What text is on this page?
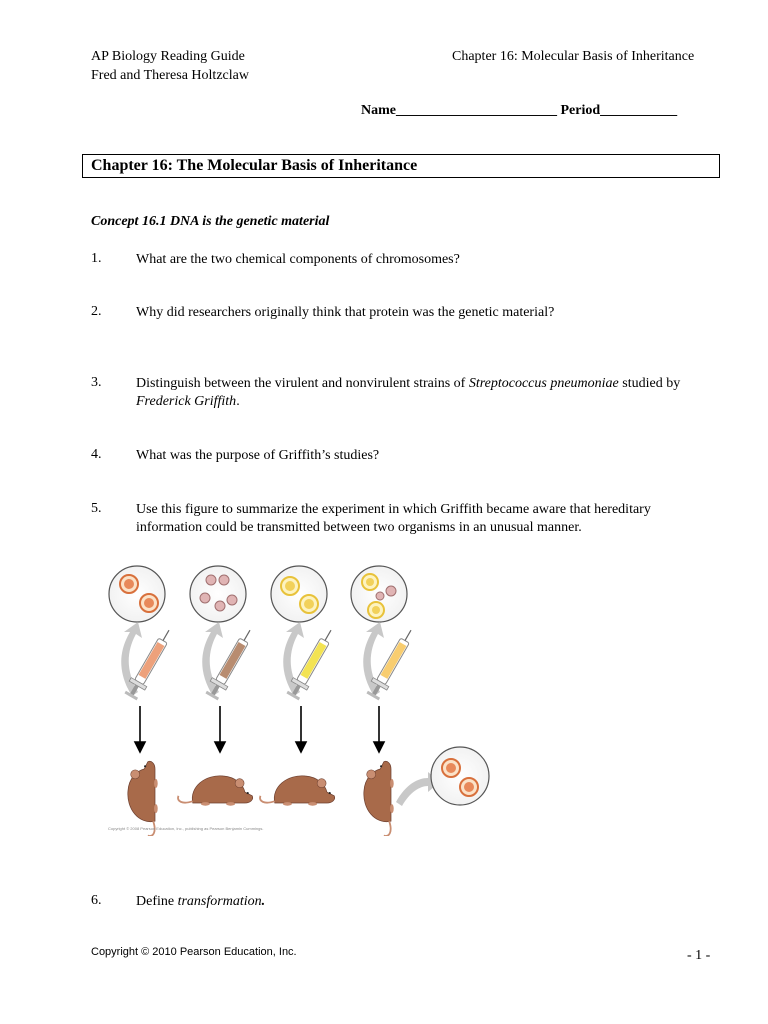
AP Biology Reading Guide
Fred and Theresa Holtzclaw
Chapter 16: Molecular Basis of Inheritance
Name_______________________ Period___________
Chapter 16: The Molecular Basis of Inheritance
Concept 16.1 DNA is the genetic material
1. What are the two chemical components of chromosomes?
2. Why did researchers originally think that protein was the genetic material?
3. Distinguish between the virulent and nonvirulent strains of Streptococcus pneumoniae studied by Frederick Griffith.
4. What was the purpose of Griffith’s studies?
5. Use this figure to summarize the experiment in which Griffith became aware that hereditary information could be transmitted between two organisms in an unusual manner.
Copyright © 2008 Pearson Education, Inc., publishing as Pearson Benjamin Cummings.
6. Define transformation.
Copyright © 2010 Pearson Education, Inc.	- 1 -
